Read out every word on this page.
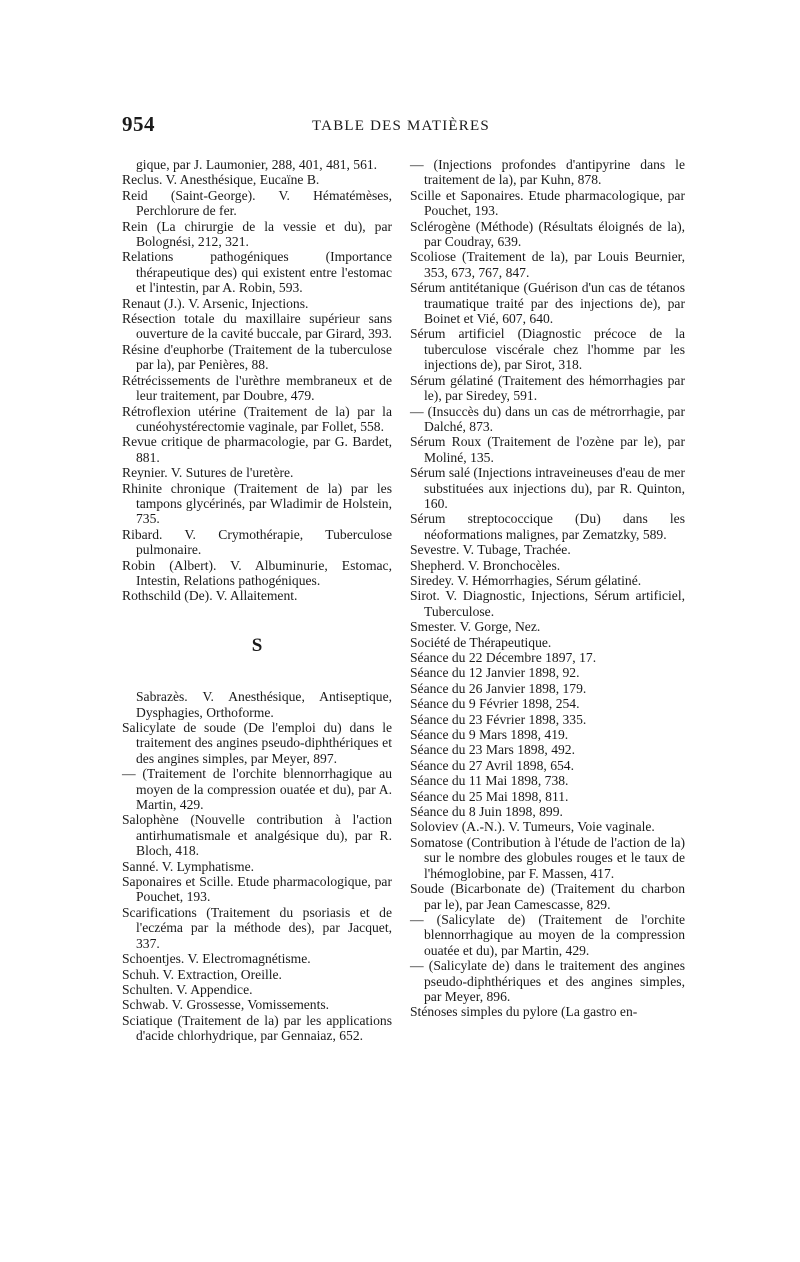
954	TABLE DES MATIÈRES

gique, par J. Laumonier, 288, 401, 481, 561.

Reclus. V. Anesthésique, Eucaïne B.

Reid (Saint-George). V. Hématémèses, Perchlorure de fer.

Rein (La chirurgie de la vessie et du), par Bolognési, 212, 321.

Relations pathogéniques (Importance thérapeutique des) qui existent entre l'estomac et l'intestin, par A. Robin, 593.

Renaut (J.). V. Arsenic, Injections.

Résection totale du maxillaire supérieur sans ouverture de la cavité buccale, par Girard, 393.

Résine d'euphorbe (Traitement de la tuberculose par la), par Penières, 88.

Rétrécissements de l'urèthre membraneux et de leur traitement, par Doubre, 479.

Rétroflexion utérine (Traitement de la) par la cunéohystérectomie vaginale, par Follet, 558.

Revue critique de pharmacologie, par G. Bardet, 881.

Reynier. V. Sutures de l'uretère.

Rhinite chronique (Traitement de la) par les tampons glycérinés, par Wladimir de Holstein, 735.

Ribard. V. Crymothérapie, Tuberculose pulmonaire.

Robin (Albert). V. Albuminurie, Estomac, Intestin, Relations pathogéniques.

Rothschild (De). V. Allaitement.

S

Sabrazès. V. Anesthésique, Antiseptique, Dysphagies, Orthoforme.

Salicylate de soude (De l'emploi du) dans le traitement des angines pseudo-diphthériques et des angines simples, par Meyer, 897.

— (Traitement de l'orchite blennorrhagique au moyen de la compression ouatée et du), par A. Martin, 429.

Salophène (Nouvelle contribution à l'action antirhumatismale et analgésique du), par R. Bloch, 418.

Sanné. V. Lymphatisme.

Saponaires et Scille. Etude pharmacologique, par Pouchet, 193.

Scarifications (Traitement du psoriasis et de l'eczéma par la méthode des), par Jacquet, 337.

Schoentjes. V. Electromagnétisme.

Schuh. V. Extraction, Oreille.

Schulten. V. Appendice.

Schwab. V. Grossesse, Vomissements.

Sciatique (Traitement de la) par les applications d'acide chlorhydrique, par Gennaiaz, 652.

— (Injections profondes d'antipyrine dans le traitement de la), par Kuhn, 878.

Scille et Saponaires. Etude pharmacologique, par Pouchet, 193.

Sclérogène (Méthode) (Résultats éloignés de la), par Coudray, 639.

Scoliose (Traitement de la), par Louis Beurnier, 353, 673, 767, 847.

Sérum antitétanique (Guérison d'un cas de tétanos traumatique traité par des injections de), par Boinet et Vié, 607, 640.

Sérum artificiel (Diagnostic précoce de la tuberculose viscérale chez l'homme par les injections de), par Sirot, 318.

Sérum gélatiné (Traitement des hémorrhagies par le), par Siredey, 591.

— (Insuccès du) dans un cas de métrorrhagie, par Dalché, 873.

Sérum Roux (Traitement de l'ozène par le), par Moliné, 135.

Sérum salé (Injections intraveineuses d'eau de mer substituées aux injections du), par R. Quinton, 160.

Sérum streptococcique (Du) dans les néoformations malignes, par Zematzky, 589.

Sevestre. V. Tubage, Trachée.

Shepherd. V. Bronchocèles.

Siredey. V. Hémorrhagies, Sérum gélatiné.

Sirot. V. Diagnostic, Injections, Sérum artificiel, Tuberculose.

Smester. V. Gorge, Nez.

Société de Thérapeutique.

Séance du 22 Décembre 1897, 17.

Séance du 12 Janvier 1898, 92.

Séance du 26 Janvier 1898, 179.

Séance du 9 Février 1898, 254.

Séance du 23 Février 1898, 335.

Séance du 9 Mars 1898, 419.

Séance du 23 Mars 1898, 492.

Séance du 27 Avril 1898, 654.

Séance du 11 Mai 1898, 738.

Séance du 25 Mai 1898, 811.

Séance du 8 Juin 1898, 899.

Soloviev (A.-N.). V. Tumeurs, Voie vaginale.

Somatose (Contribution à l'étude de l'action de la) sur le nombre des globules rouges et le taux de l'hémoglobine, par F. Massen, 417.

Soude (Bicarbonate de) (Traitement du charbon par le), par Jean Camescasse, 829.

— (Salicylate de) (Traitement de l'orchite blennorrhagique au moyen de la compression ouatée et du), par Martin, 429.

— (Salicylate de) dans le traitement des angines pseudo-diphthériques et des angines simples, par Meyer, 896.

Sténoses simples du pylore (La gastro en-
